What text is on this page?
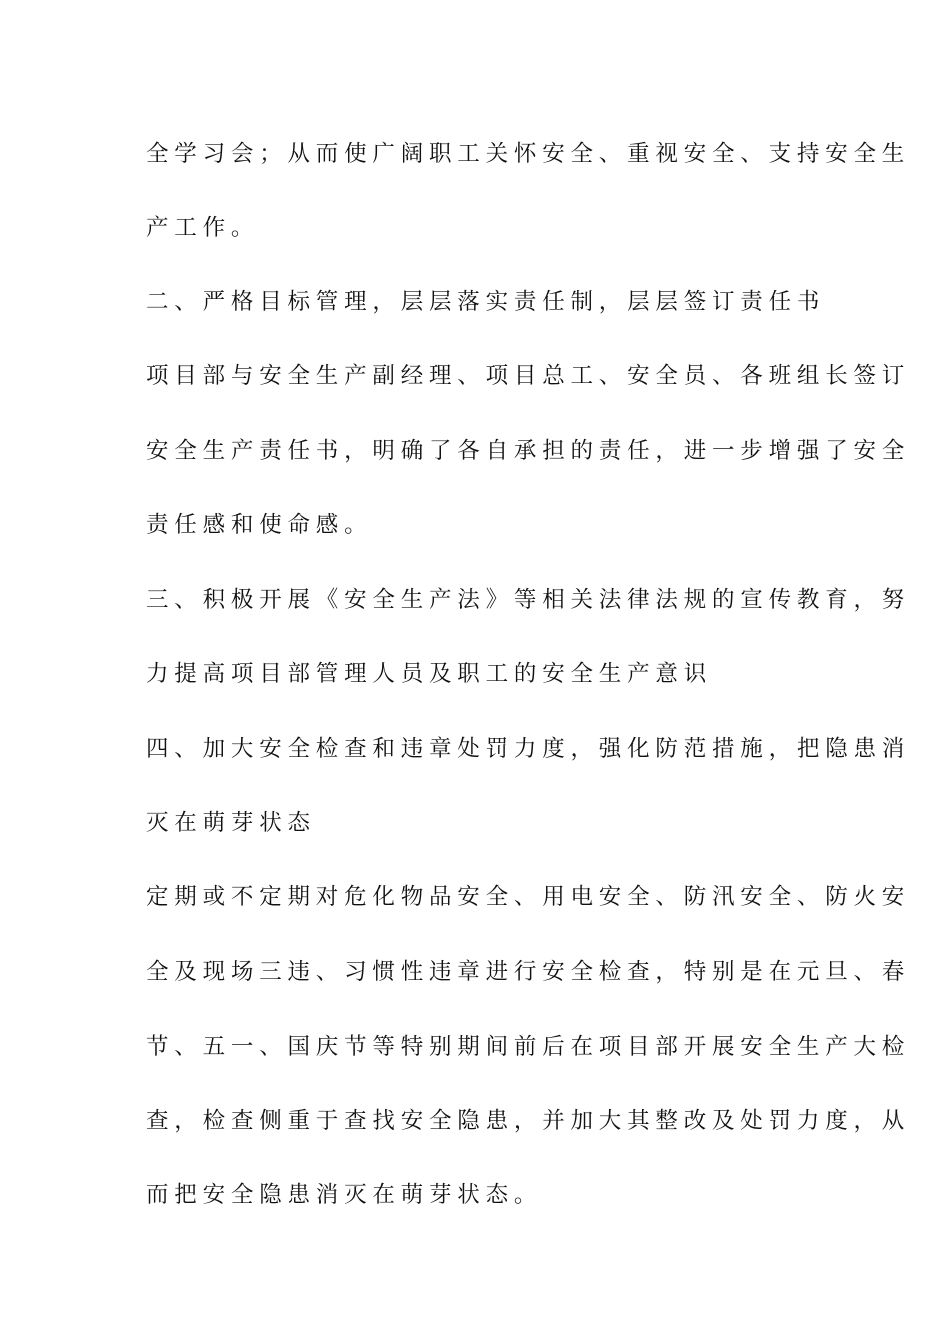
全学习会；从而使广阔职工关怀安全、重视安全、支持安全生
产工作。
二、严格目标管理，层层落实责任制，层层签订责任书
项目部与安全生产副经理、项目总工、安全员、各班组长签订
安全生产责任书，明确了各自承担的责任，进一步增强了安全
责任感和使命感。
三、积极开展《安全生产法》等相关法律法规的宣传教育，努
力提高项目部管理人员及职工的安全生产意识
四、加大安全检查和违章处罚力度，强化防范措施，把隐患消
灭在萌芽状态
定期或不定期对危化物品安全、用电安全、防汛安全、防火安
全及现场三违、习惯性违章进行安全检查，特别是在元旦、春
节、五一、国庆节等特别期间前后在项目部开展安全生产大检
查，检查侧重于查找安全隐患，并加大其整改及处罚力度，从
而把安全隐患消灭在萌芽状态。
